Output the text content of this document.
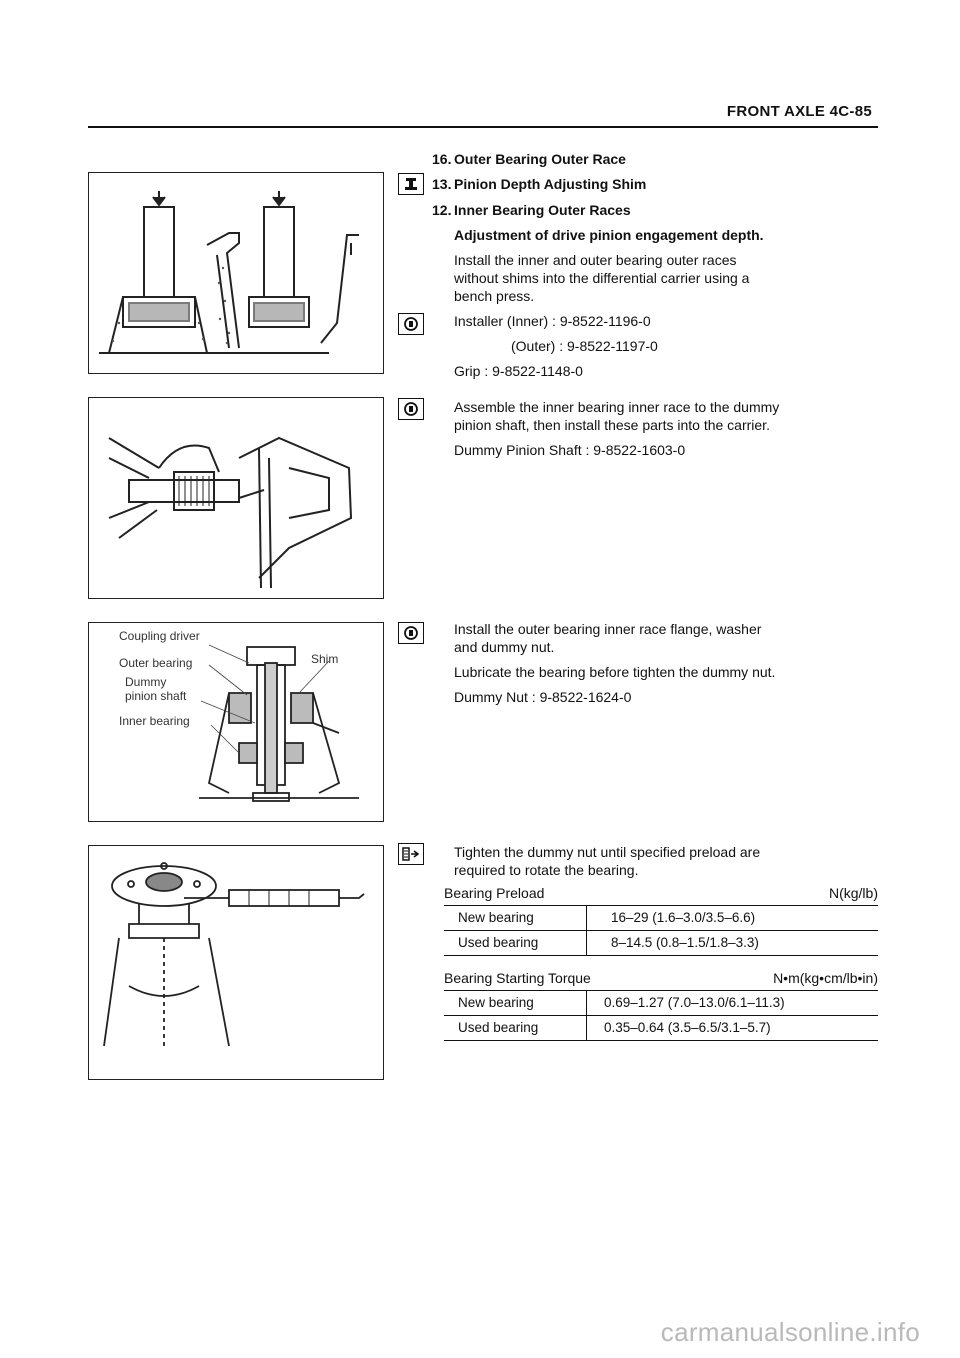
FRONT AXLE 4C-85
Coupling driver
Outer bearing
Dummy
pinion shaft
Inner bearing
Shim
16. Outer Bearing Outer Race
13. Pinion Depth Adjusting Shim
12. Inner Bearing Outer Races
Adjustment of drive pinion engagement depth.
Install the inner and outer bearing outer races
without shims into the differential carrier using a
bench press.
Installer (Inner) : 9-8522-1196-0
(Outer) : 9-8522-1197-0
Grip : 9-8522-1148-0
Assemble the inner bearing inner race to the dummy
pinion shaft, then install these parts into the carrier.
Dummy Pinion Shaft : 9-8522-1603-0
Install the outer bearing inner race flange, washer
and dummy nut.
Lubricate the bearing before tighten the dummy nut.
Dummy Nut : 9-8522-1624-0
Tighten the dummy nut until specified preload are
required to rotate the bearing.
Bearing Preload	N(kg/lb)
New bearing	16–29 (1.6–3.0/3.5–6.6)
Used bearing	8–14.5 (0.8–1.5/1.8–3.3)
Bearing Starting Torque	N•m(kg•cm/lb•in)
New bearing	0.69–1.27 (7.0–13.0/6.1–11.3)
Used bearing	0.35–0.64 (3.5–6.5/3.1–5.7)
carmanualsonline.info
